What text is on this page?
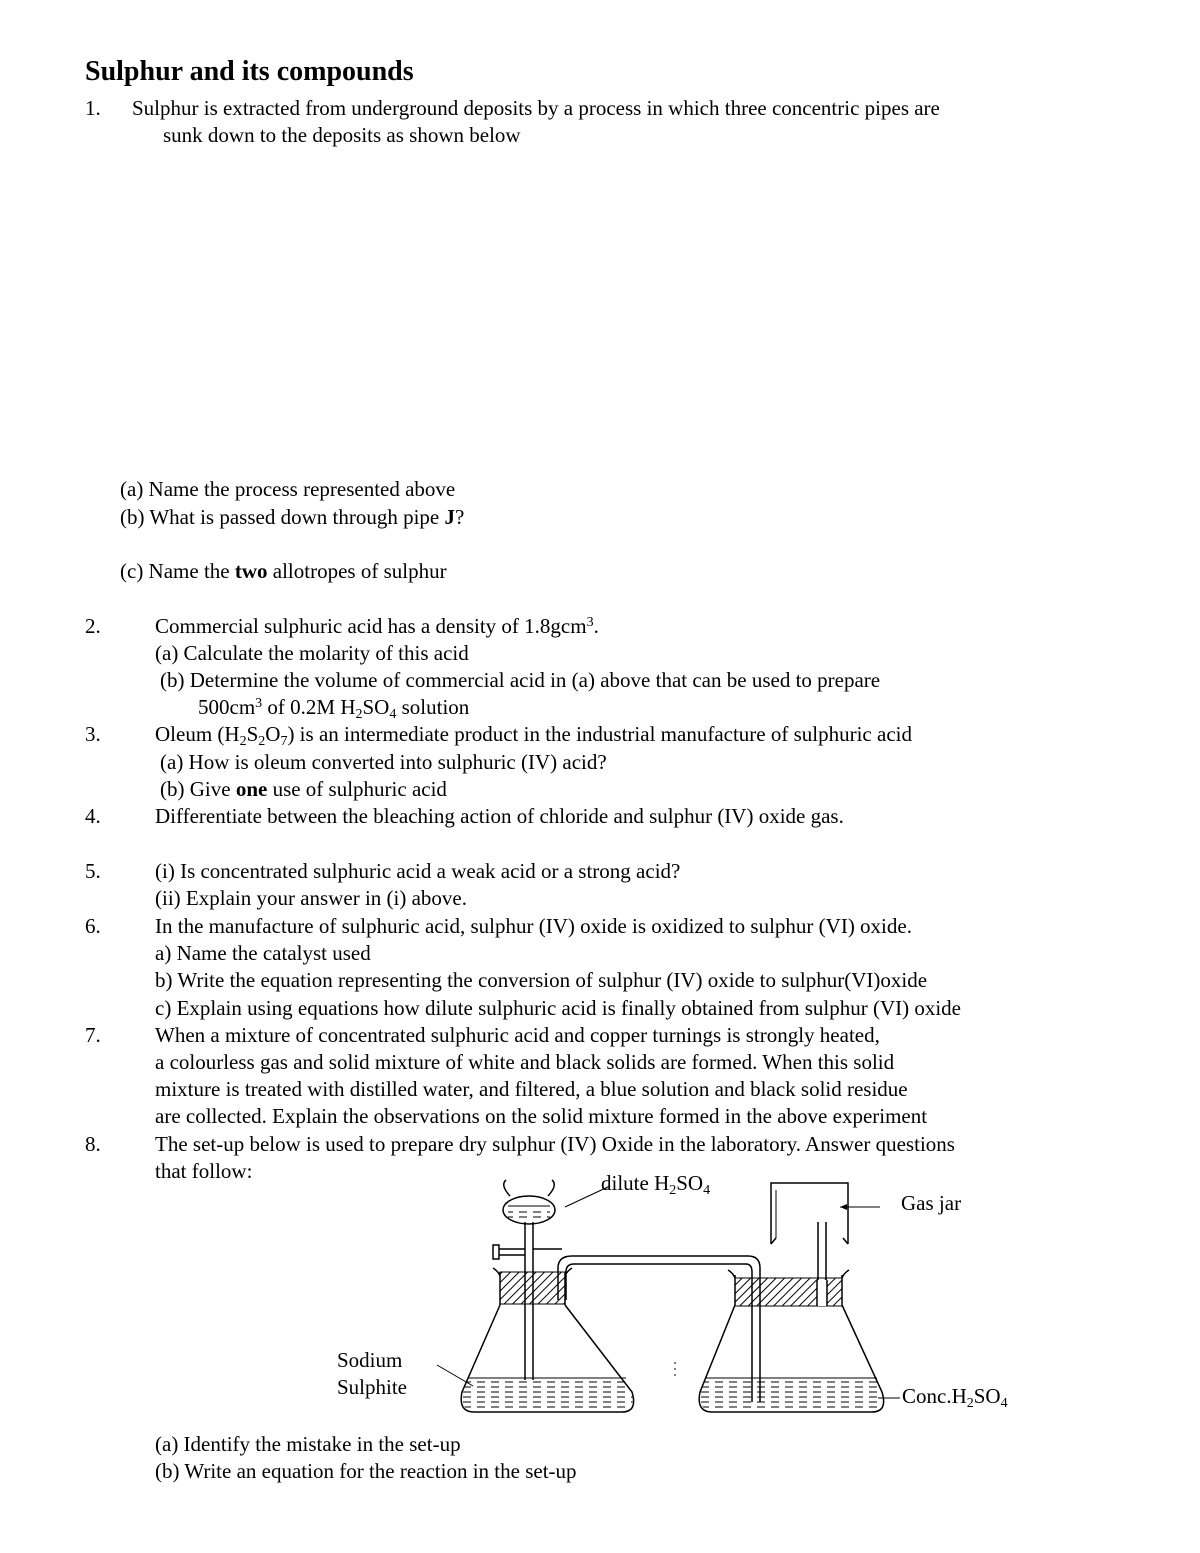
Sulphur and its compounds
1. Sulphur is extracted from underground deposits by a process in which three concentric pipes are
sunk down to the deposits as shown below
(a) Name the process represented above
(b) What is passed down through pipe J?
(c) Name the two allotropes of sulphur
2.	Commercial sulphuric acid has a density of 1.8gcm$^3$.
(a) Calculate the molarity of this acid
(b) Determine the volume of commercial acid in (a) above that can be used to prepare
$500cm^3$ of 0.2M $H_2SO_4$ solution
3.	Oleum $(H_2S_2O_7)$ is an intermediate product in the industrial manufacture of sulphuric acid
(a) How is oleum converted into sulphuric (IV) acid?
(b) Give one use of sulphuric acid
4.	Differentiate between the bleaching action of chloride and sulphur (IV) oxide gas.
5.	(i) Is concentrated sulphuric acid a weak acid or a strong acid?
(ii) Explain your answer in (i) above.
6.	In the manufacture of sulphuric acid, sulphur (IV) oxide is oxidized to sulphur (VI) oxide.
a) Name the catalyst used
b) Write the equation representing the conversion of sulphur (IV) oxide to sulphur(VI)oxide
c) Explain using equations how dilute sulphuric acid is finally obtained from sulphur (VI) oxide
7.	When a mixture of concentrated sulphuric acid and copper turnings is strongly heated,
a colourless gas and solid mixture of white and black solids are formed. When this solid
mixture is treated with distilled water, and filtered, a blue solution and black solid residue
are collected. Explain the observations on the solid mixture formed in the above experiment
8.	The set-up below is used to prepare dry sulphur (IV) Oxide in the laboratory. Answer questions
that follow:	dilute $H_2SO_4$
Gas jar
Sodium
Sulphite	$Conc.H_2SO_4$
(a) Identify the mistake in the set-up
(b) Write an equation for the reaction in the set-up
